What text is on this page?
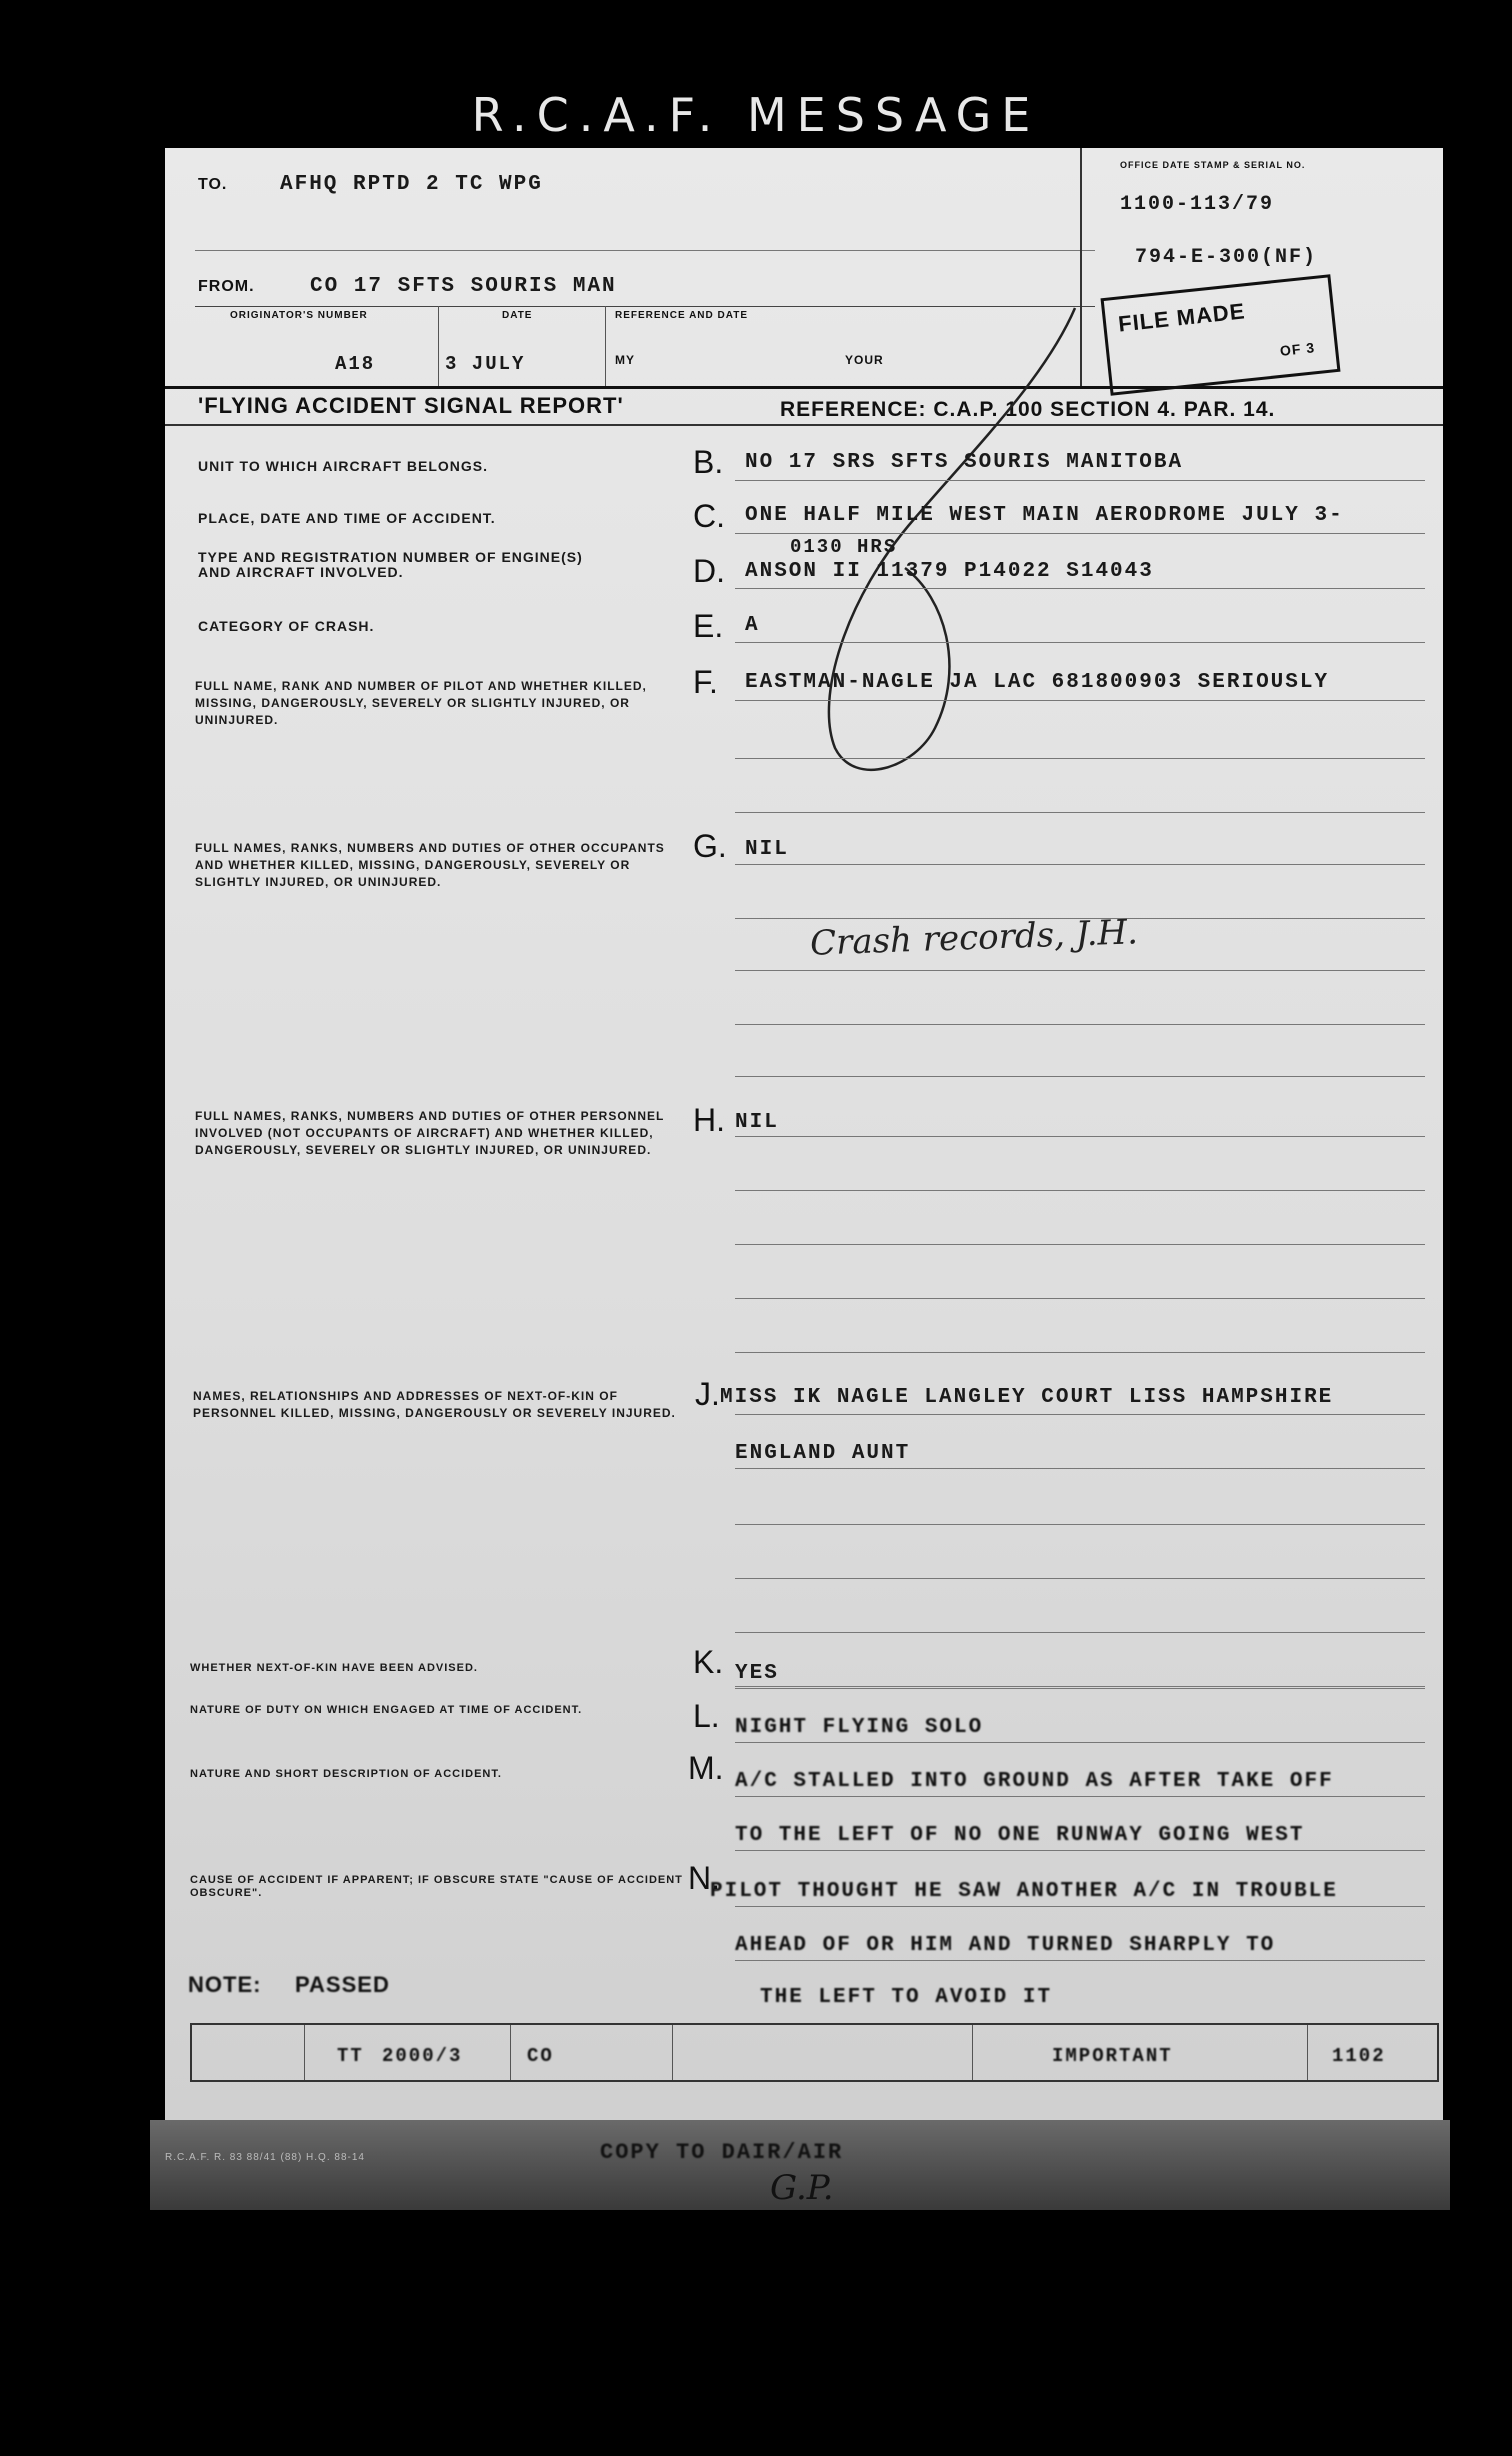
R.C.A.F. MESSAGE
TO.	AFHQ RPTD 2 TC WPG
FROM.	CO 17 SFTS SOURIS MAN
ORIGINATOR'S NUMBER	DATE	REFERENCE AND DATE
A18	3 JULY	MY	YOUR
OFFICE DATE STAMP & SERIAL NO.
1100-113/79
794-E-300(NF)
FILE MADE
OF 3
'FLYING ACCIDENT SIGNAL REPORT'	REFERENCE: C.A.P. 100 SECTION 4. PAR. 14.
UNIT TO WHICH AIRCRAFT BELONGS.	B. NO 17 SRS SFTS SOURIS MANITOBA
PLACE, DATE AND TIME OF ACCIDENT.	C. ONE HALF MILE WEST MAIN AERODROME JULY 3-
0130 HRS
TYPE AND REGISTRATION NUMBER OF ENGINE(S) AND AIRCRAFT INVOLVED.	D. ANSON II 11379 P14022 S14043
CATEGORY OF CRASH.	E. A
FULL NAME, RANK AND NUMBER OF PILOT AND WHETHER KILLED, MISSING, DANGEROUSLY, SEVERELY OR SLIGHTLY INJURED, OR UNINJURED.
F. EASTMAN-NAGLE JA LAC 681800903 SERIOUSLY
FULL NAMES, RANKS, NUMBERS AND DUTIES OF OTHER OCCUPANTS AND WHETHER KILLED, MISSING, DANGEROUSLY, SEVERELY OR SLIGHTLY INJURED, OR UNINJURED.
G. NIL
Crash records, J.H.
FULL NAMES, RANKS, NUMBERS AND DUTIES OF OTHER PERSONNEL INVOLVED (NOT OCCUPANTS OF AIRCRAFT) AND WHETHER KILLED, DANGEROUSLY, SEVERELY OR SLIGHTLY INJURED, OR UNINJURED.
H. NIL
NAMES, RELATIONSHIPS AND ADDRESSES OF NEXT-OF-KIN OF PERSONNEL KILLED, MISSING, DANGEROUSLY OR SEVERELY INJURED.
J. MISS IK NAGLE LANGLEY COURT LISS HAMPSHIRE
ENGLAND AUNT
WHETHER NEXT-OF-KIN HAVE BEEN ADVISED.	K. YES
NATURE OF DUTY ON WHICH ENGAGED AT TIME OF ACCIDENT.	L. NIGHT FLYING SOLO
NATURE AND SHORT DESCRIPTION OF ACCIDENT.	M. A/C STALLED INTO GROUND AS AFTER TAKE OFF
TO THE LEFT OF NO ONE RUNWAY GOING WEST
CAUSE OF ACCIDENT IF APPARENT; IF OBSCURE STATE "CAUSE OF ACCIDENT OBSCURE".	N.
PILOT THOUGHT HE SAW ANOTHER A/C IN TROUBLE
AHEAD OF OR HIM AND TURNED SHARPLY TO
THE LEFT TO AVOID IT
NOTE: PASSED
TT 2000/3	CO	IMPORTANT	1102
COPY TO DAIR/AIR
G.P.
R.C.A.F. R. 83 88/41 (88) H.Q. 88-14
